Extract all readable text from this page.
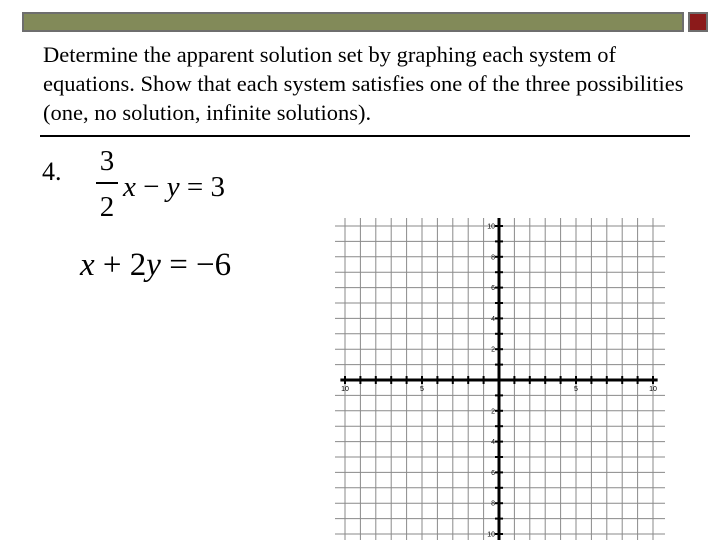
Determine the apparent solution set by graphing each system of equations. Show that each system satisfies one of the three possibilities (one, no solution, infinite solutions).

4. 3
2
x − y = 3
x + 2y = −6
10	5	5	10
10
8
6
4
2
2
4
6
8
10
